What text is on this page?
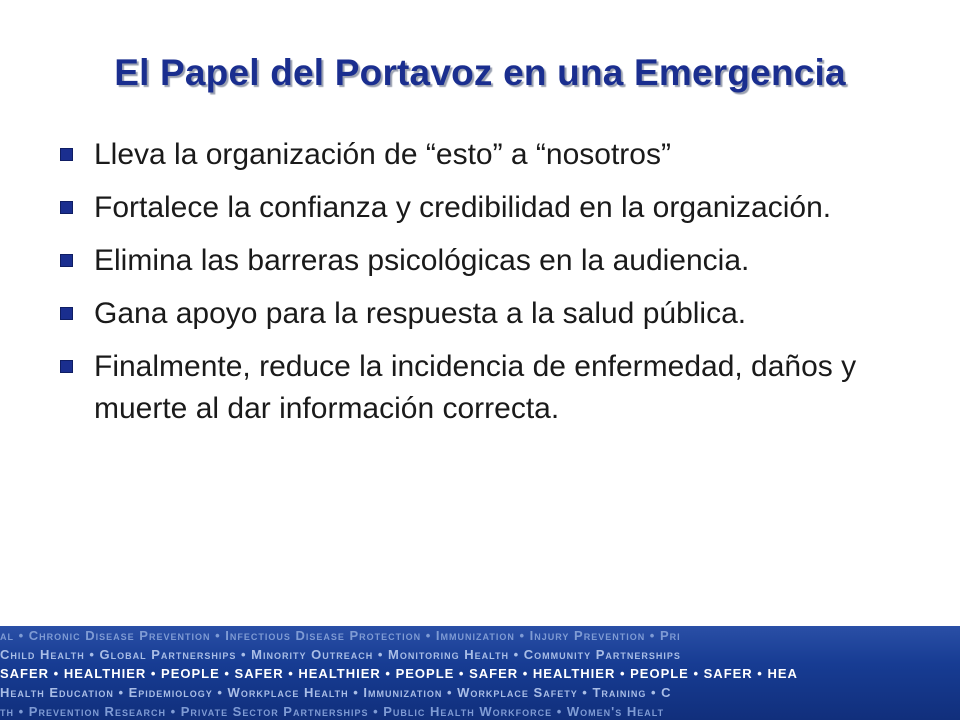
El Papel del Portavoz en una Emergencia
Lleva la organización de “esto” a “nosotros”
Fortalece la confianza y credibilidad en la organización.
Elimina las barreras psicológicas en la audiencia.
Gana apoyo para la respuesta a la salud pública.
Finalmente, reduce la incidencia de enfermedad, daños y muerte al dar información correcta.
al • Chronic Disease Prevention • Infectious Disease Protection • Immunization • Injury Prevention • Pri
Child Health • Global Partnerships • Minority Outreach • Monitoring Health • Community Partnerships
SAFER • HEALTHIER • PEOPLE • SAFER • HEALTHIER • PEOPLE • SAFER • HEALTHIER • PEOPLE • SAFER • HEA
Health Education • Epidemiology • Workplace Health • Immunization • Workplace Safety • Training • C
th • Prevention Research • Private Sector Partnerships • Public Health Workforce • Women's Healt
